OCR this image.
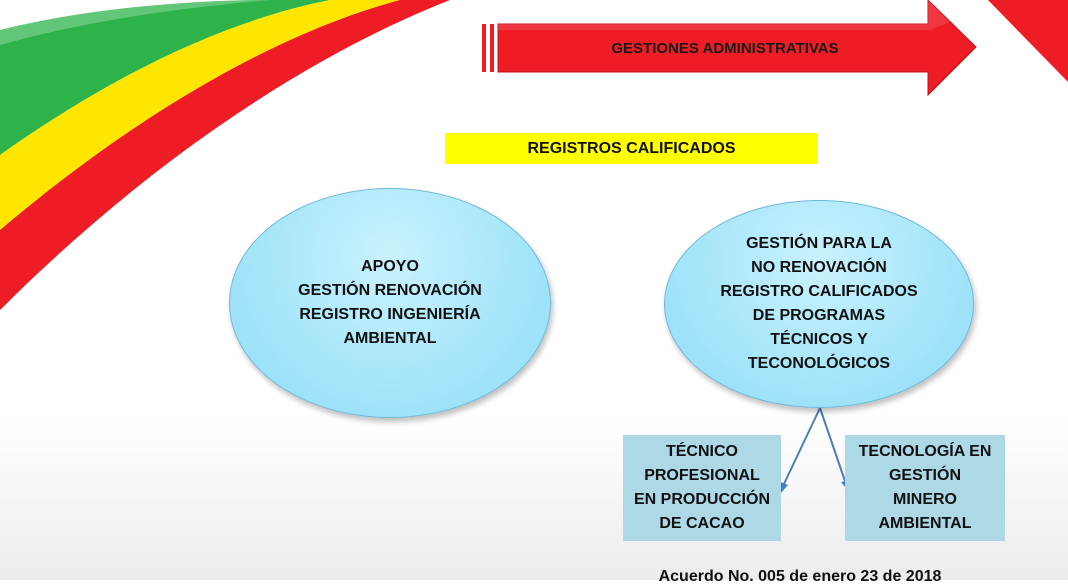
GESTIONES ADMINISTRATIVAS
REGISTROS CALIFICADOS
APOYO
GESTIÓN RENOVACIÓN
REGISTRO INGENIERÍA
AMBIENTAL
GESTIÓN PARA LA
NO RENOVACIÓN
REGISTRO CALIFICADOS
DE PROGRAMAS
TÉCNICOS Y
TECONOLÓGICOS
TÉCNICO
PROFESIONAL
EN PRODUCCIÓN
DE CACAO
TECNOLOGÍA EN
GESTIÓN
MINERO
AMBIENTAL
Acuerdo No. 005 de enero 23 de 2018
